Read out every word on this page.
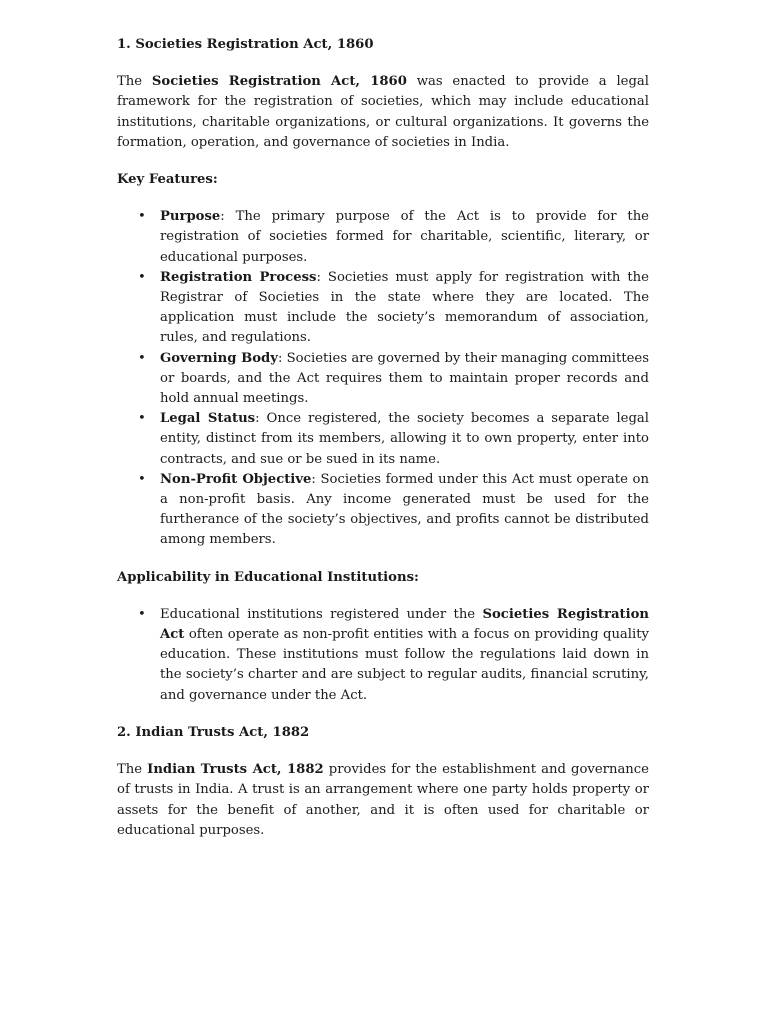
1. Societies Registration Act, 1860

The Societies Registration Act, 1860 was enacted to provide a legal framework for the registration of societies, which may include educational institutions, charitable organizations, or cultural organizations. It governs the formation, operation, and governance of societies in India.

Key Features:

• Purpose: The primary purpose of the Act is to provide for the registration of societies formed for charitable, scientific, literary, or educational purposes.
• Registration Process: Societies must apply for registration with the Registrar of Societies in the state where they are located. The application must include the society’s memorandum of association, rules, and regulations.
• Governing Body: Societies are governed by their managing committees or boards, and the Act requires them to maintain proper records and hold annual meetings.
• Legal Status: Once registered, the society becomes a separate legal entity, distinct from its members, allowing it to own property, enter into contracts, and sue or be sued in its name.
• Non-Profit Objective: Societies formed under this Act must operate on a non-profit basis. Any income generated must be used for the furtherance of the society’s objectives, and profits cannot be distributed among members.

Applicability in Educational Institutions:

• Educational institutions registered under the Societies Registration Act often operate as non-profit entities with a focus on providing quality education. These institutions must follow the regulations laid down in the society’s charter and are subject to regular audits, financial scrutiny, and governance under the Act.

2. Indian Trusts Act, 1882

The Indian Trusts Act, 1882 provides for the establishment and governance of trusts in India. A trust is an arrangement where one party holds property or assets for the benefit of another, and it is often used for charitable or educational purposes.
